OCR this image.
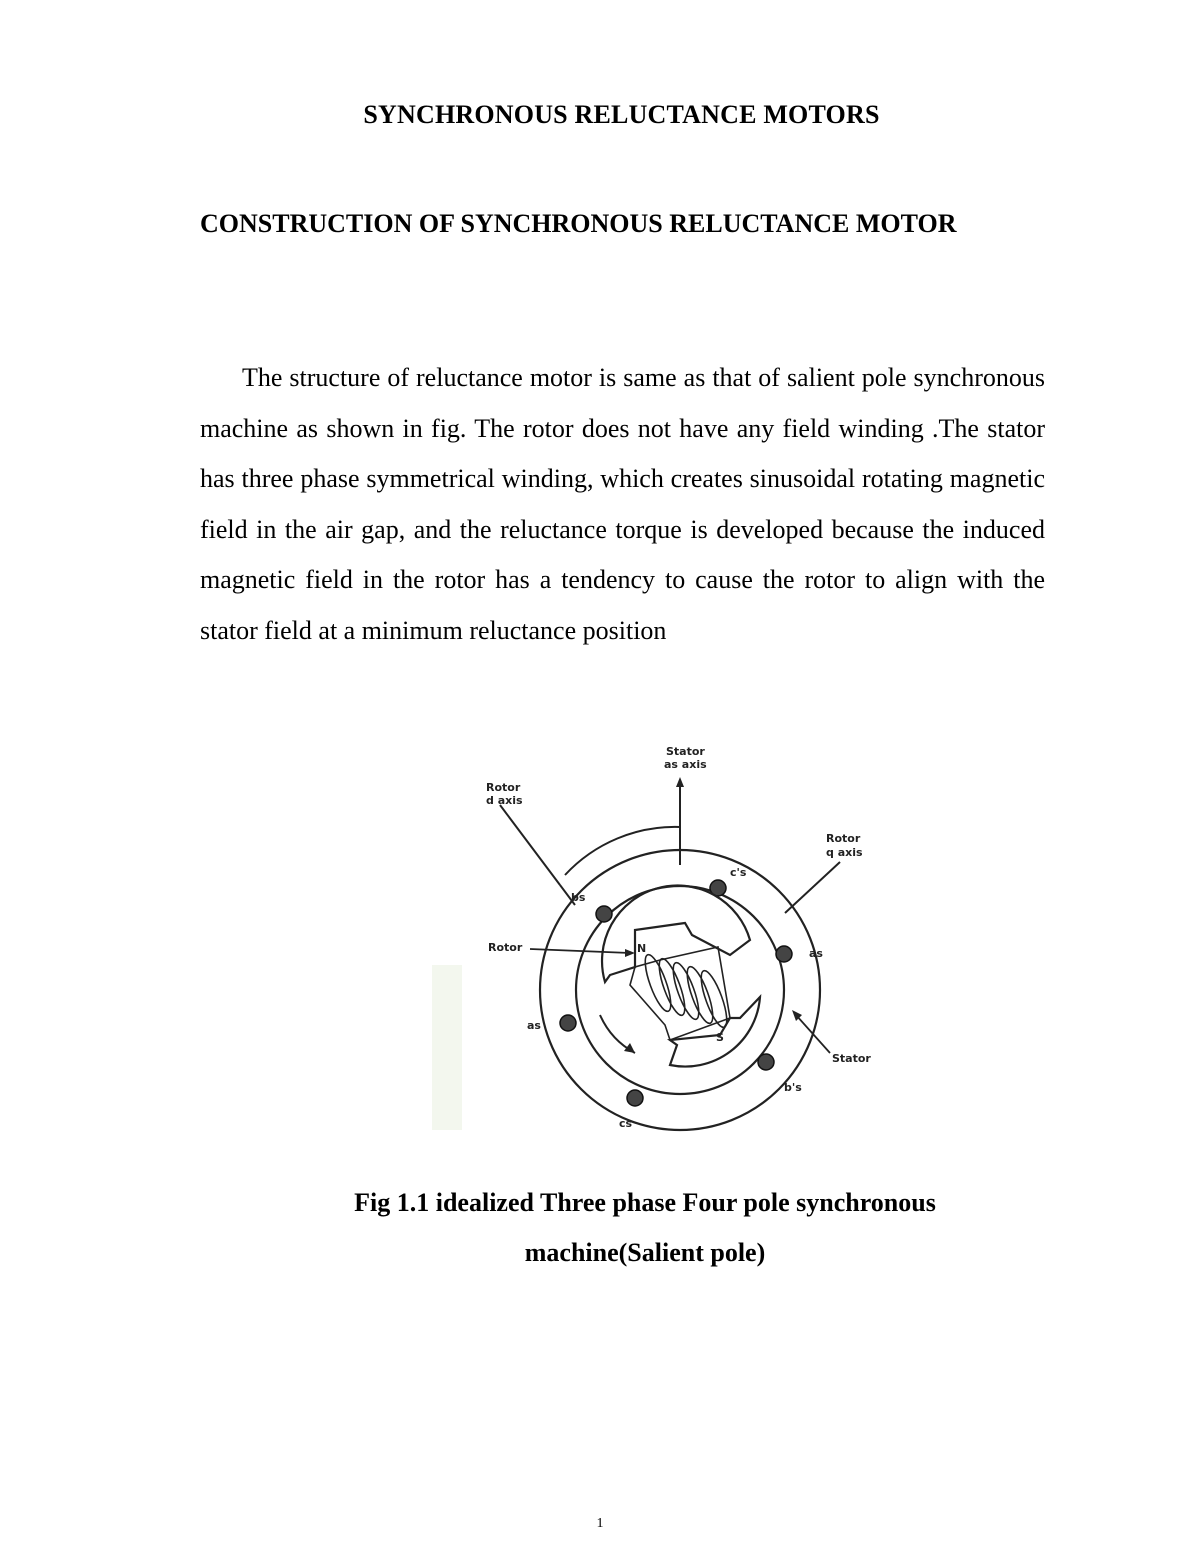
SYNCHRONOUS RELUCTANCE MOTORS
CONSTRUCTION OF SYNCHRONOUS RELUCTANCE MOTOR
The structure of reluctance motor is same as that of salient pole synchronous machine as shown in fig. The rotor does not have any field winding .The stator has three phase symmetrical winding, which creates sinusoidal rotating magnetic field in the air gap, and the reluctance torque is developed because the induced magnetic field in the rotor has a tendency to cause the rotor to align with the stator field at a minimum reluctance position
Stator
as axis
Rotor
d axis
Rotor
q axis
Rotor
Stator
bs
c's
as
as
b's
cs
N
S
Fig 1.1 idealized Three phase Four pole synchronous machine(Salient pole)
1
